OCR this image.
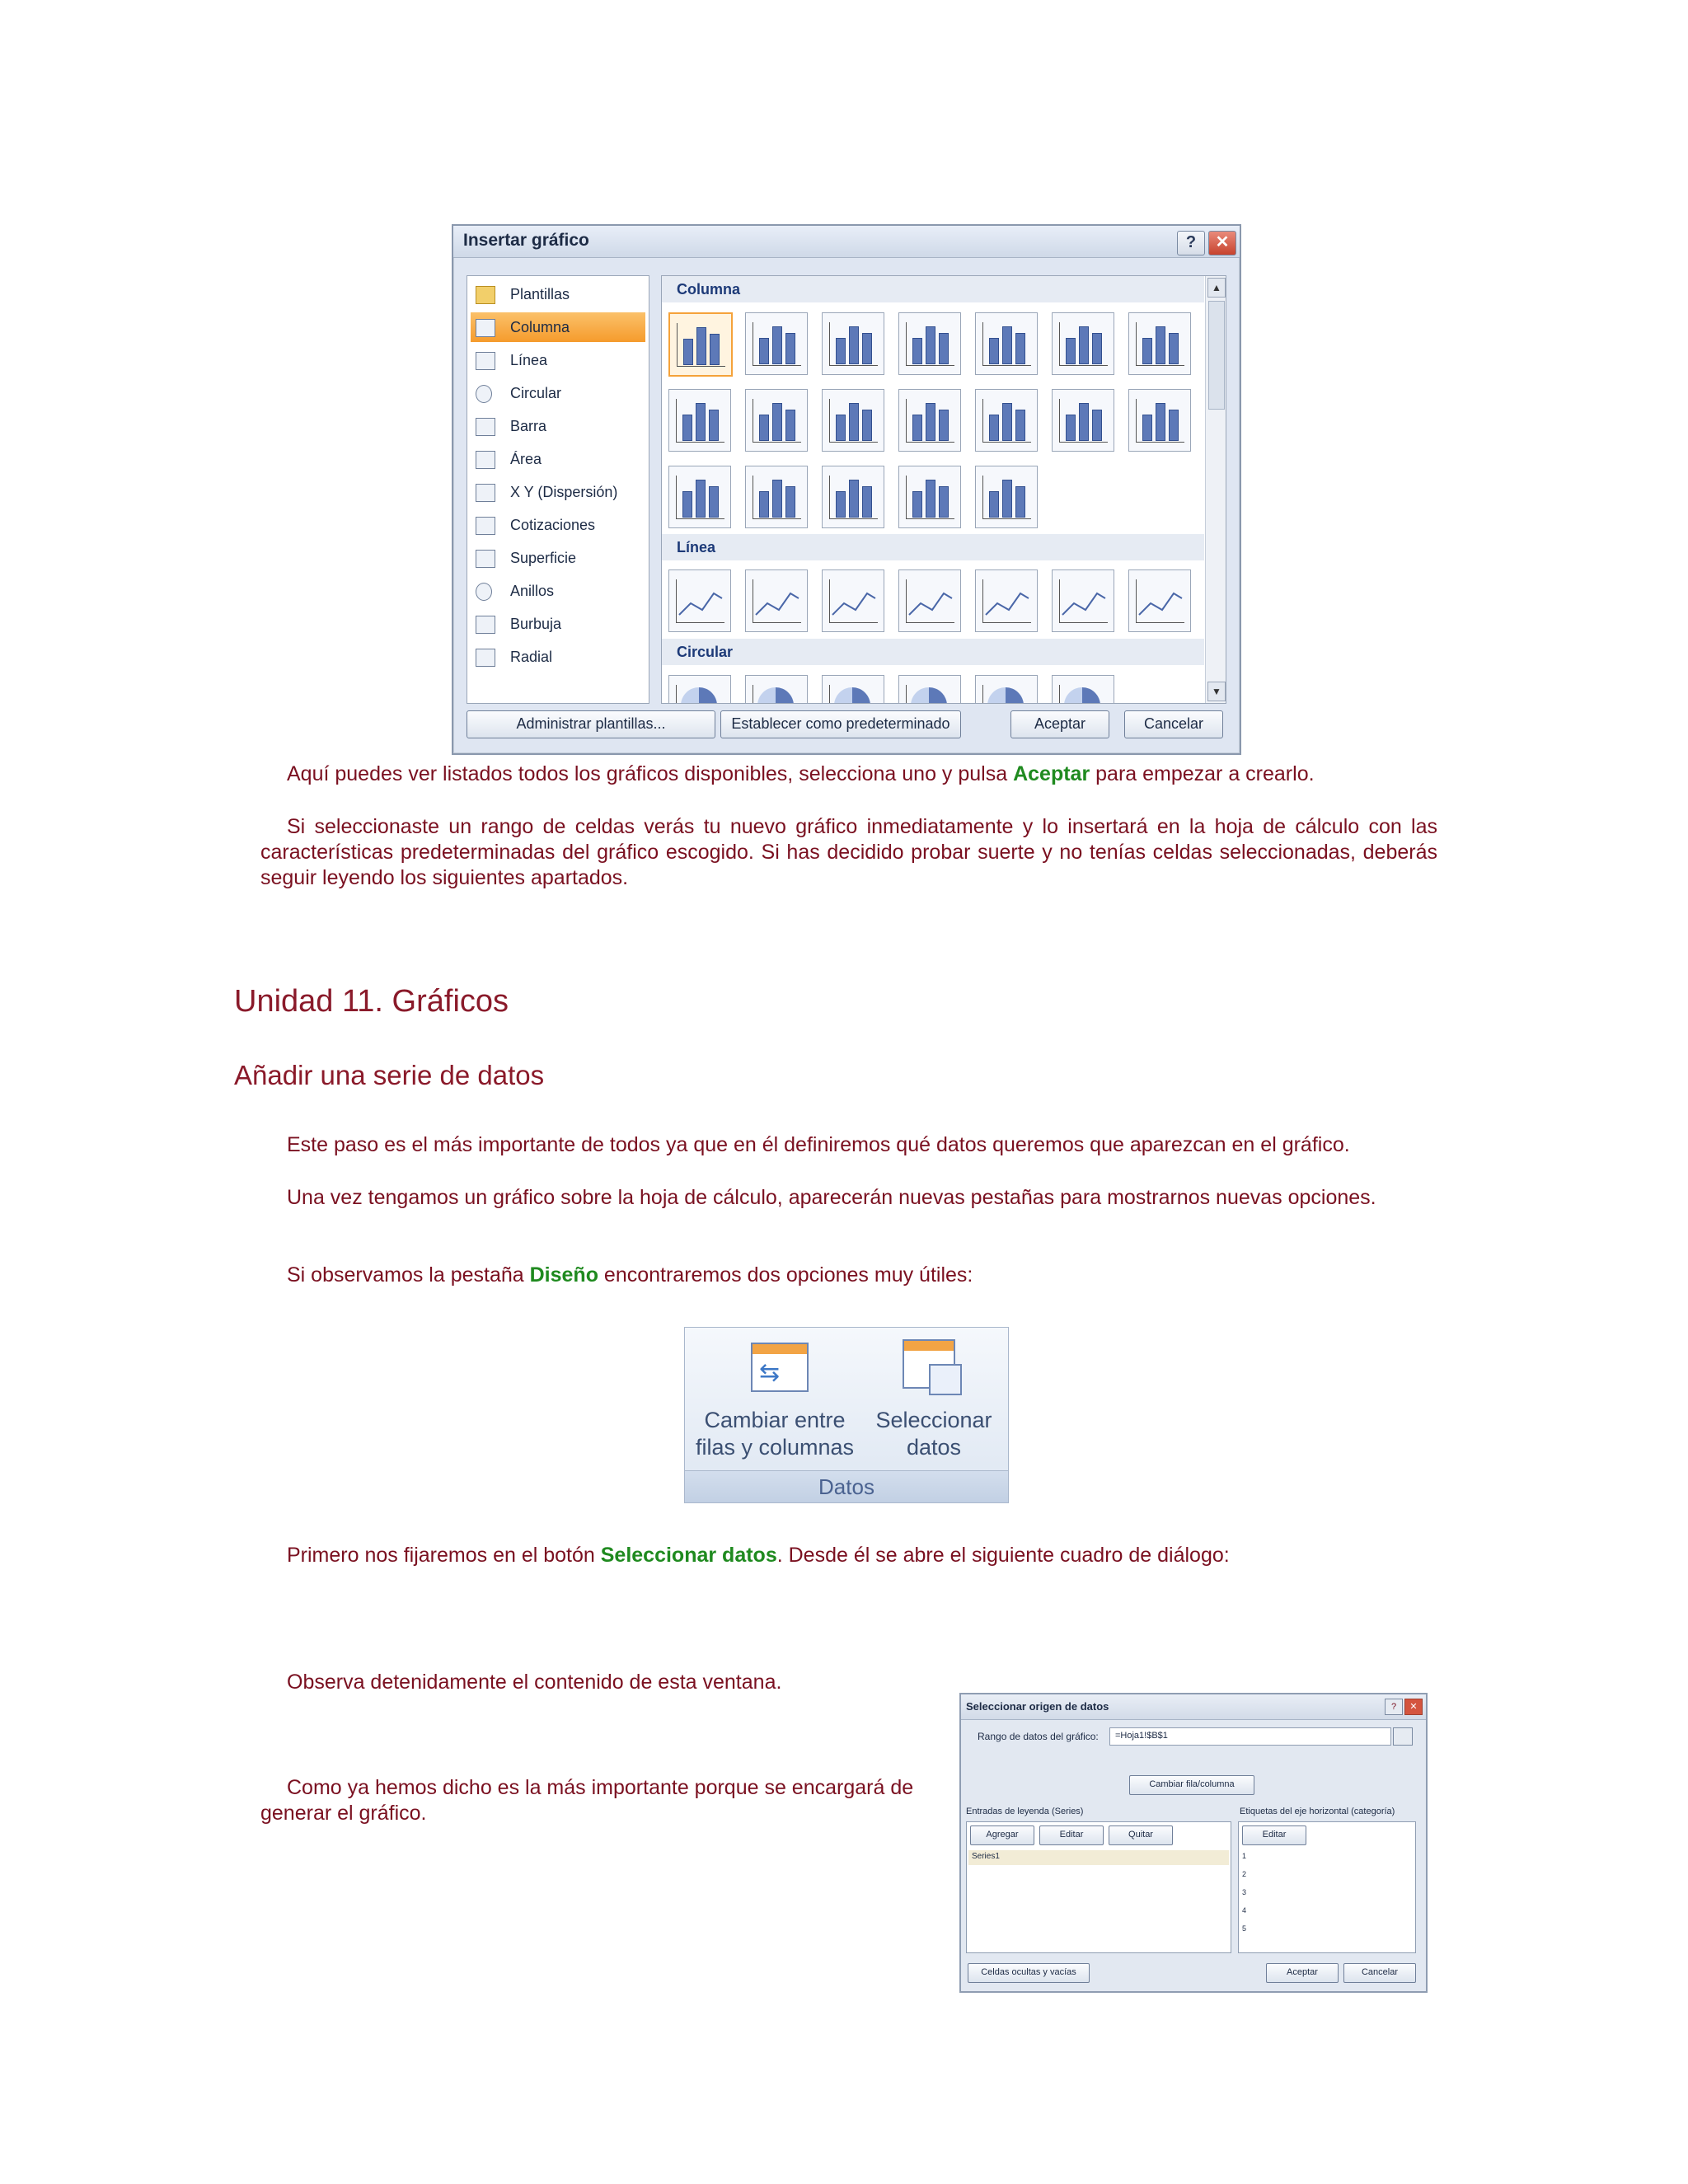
Insertar gráfico	?	✕
Plantillas
Columna
Línea
Circular
Barra
Área
X Y (Dispersión)
Cotizaciones
Superficie
Anillos
Burbuja
Radial
Columna
Línea
Circular
▲
▼
Administrar plantillas...	Establecer como predeterminado	Aceptar	Cancelar
Aquí puedes ver listados todos los gráficos disponibles, selecciona uno y pulsa Aceptar para empezar a crearlo.
Si seleccionaste un rango de celdas verás tu nuevo gráfico inmediatamente y lo insertará en la hoja de cálculo con las características predeterminadas del gráfico escogido. Si has decidido probar suerte y no tenías celdas seleccionadas, deberás seguir leyendo los siguientes apartados.
Unidad 11. Gráficos
Añadir una serie de datos
Este paso es el más importante de todos ya que en él definiremos qué datos queremos que aparezcan en el gráfico.
Una vez tengamos un gráfico sobre la hoja de cálculo, aparecerán nuevas pestañas para mostrarnos nuevas opciones.
Si observamos la pestaña Diseño encontraremos dos opciones muy útiles:
⇆
Cambiar entre
filas y columnas
Seleccionar
datos
Datos
Primero nos fijaremos en el botón Seleccionar datos. Desde él se abre el siguiente cuadro de diálogo:
Observa detenidamente el contenido de esta ventana.
Como ya hemos dicho es la más importante porque se encargará de generar el gráfico.
Seleccionar origen de datos	?	✕
Rango de datos del gráfico: =Hoja1!$B$1
Cambiar fila/columna
Entradas de leyenda (Series)	Etiquetas del eje horizontal (categoría)
Agregar	Editar	Quitar
Series1
Editar
1
2
3
4
5
Celdas ocultas y vacías	Aceptar	Cancelar
